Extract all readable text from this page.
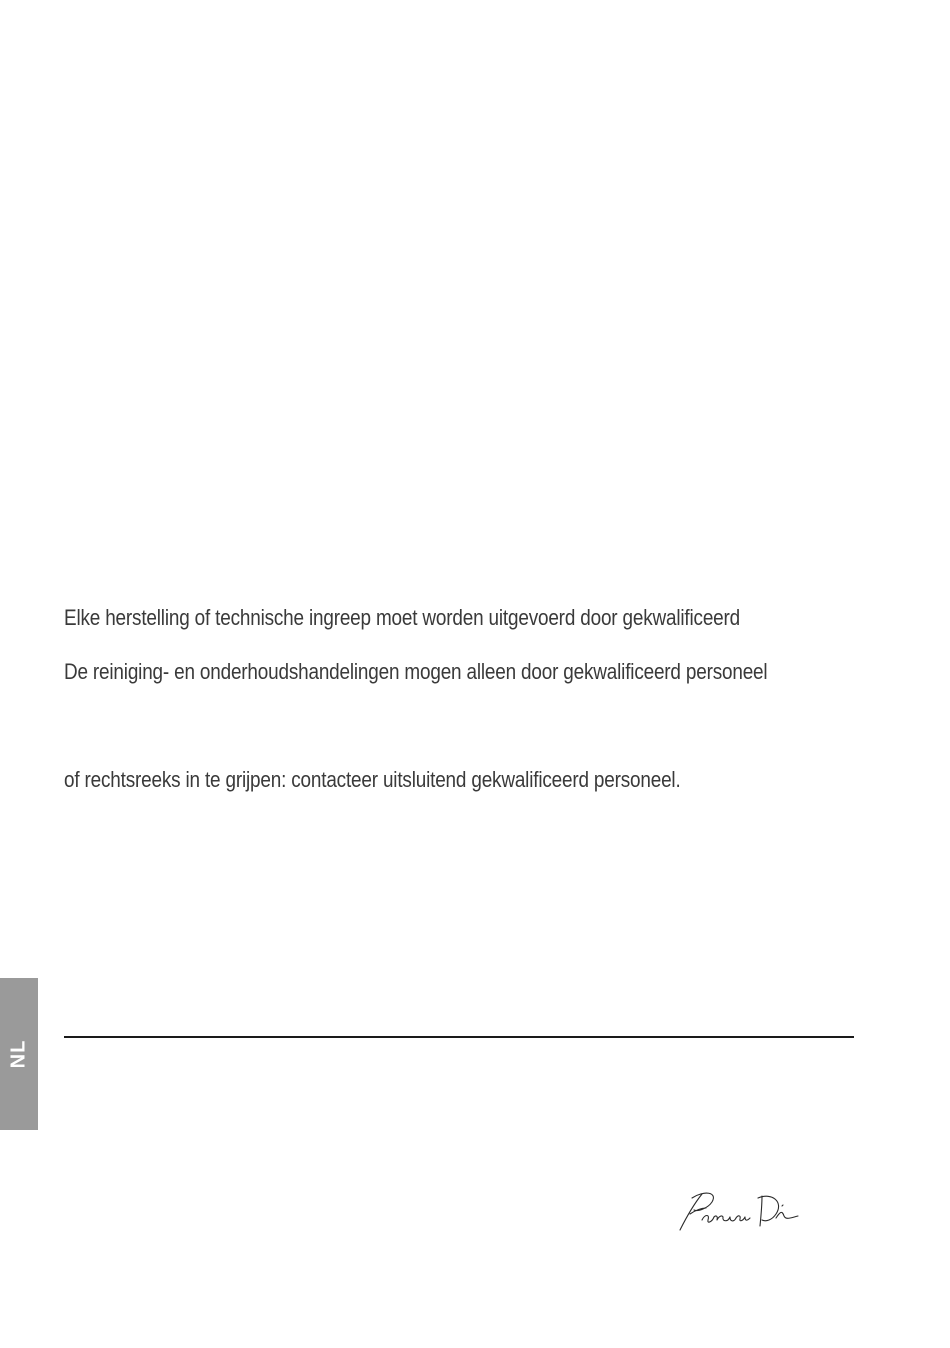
Elke herstelling of technische ingreep moet worden uitgevoerd door gekwalificeerd

De reiniging- en onderhoudshandelingen mogen alleen door gekwalificeerd personeel

of rechtsreeks in te grijpen: contacteer uitsluitend gekwalificeerd personeel.

NL
